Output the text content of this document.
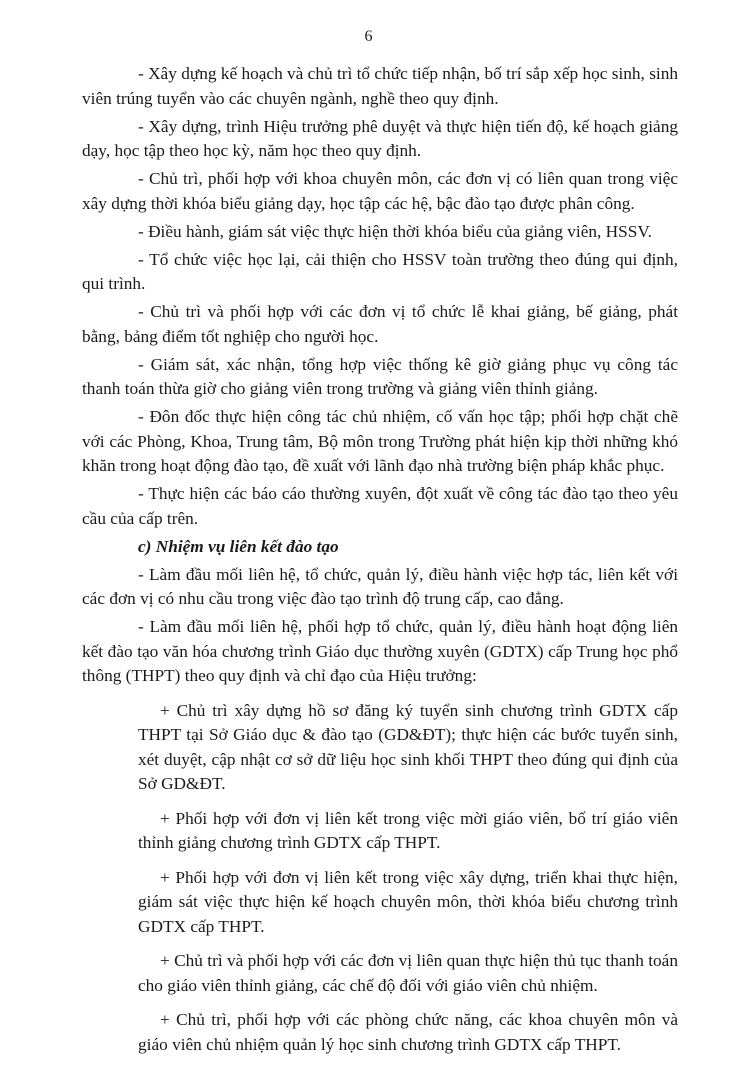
6

- Xây dựng kế hoạch và chủ trì tổ chức tiếp nhận, bố trí sắp xếp học sinh, sinh viên trúng tuyển vào các chuyên ngành, nghề theo quy định.

- Xây dựng, trình Hiệu trưởng phê duyệt và thực hiện tiến độ, kế hoạch giảng dạy, học tập theo học kỳ, năm học theo quy định.

- Chủ trì, phối hợp với khoa chuyên môn, các đơn vị có liên quan trong việc xây dựng thời khóa biểu giảng dạy, học tập các hệ, bậc đào tạo được phân công.

- Điều hành, giám sát việc thực hiện thời khóa biểu của giảng viên, HSSV.

- Tổ chức việc học lại, cải thiện cho HSSV toàn trường theo đúng qui định, qui trình.

- Chủ trì và phối hợp với các đơn vị tổ chức lễ khai giảng, bế giảng, phát bằng, bảng điểm tốt nghiệp cho người học.

- Giám sát, xác nhận, tổng hợp việc thống kê giờ giảng phục vụ công tác thanh toán thừa giờ cho giảng viên trong trường và giảng viên thỉnh giảng.

- Đôn đốc thực hiện công tác chủ nhiệm, cố vấn học tập; phối hợp chặt chẽ với các Phòng, Khoa, Trung tâm, Bộ môn trong Trường phát hiện kịp thời những khó khăn trong hoạt động đào tạo, đề xuất với lãnh đạo nhà trường biện pháp khắc phục.

- Thực hiện các báo cáo thường xuyên, đột xuất về công tác đào tạo theo yêu cầu của cấp trên.

c) Nhiệm vụ liên kết đào tạo

- Làm đầu mối liên hệ, tổ chức, quản lý, điều hành việc hợp tác, liên kết với các đơn vị có nhu cầu trong việc đào tạo trình độ trung cấp, cao đẳng.

- Làm đầu mối liên hệ, phối hợp tổ chức, quản lý, điều hành hoạt động liên kết đào tạo văn hóa chương trình Giáo dục thường xuyên (GDTX) cấp Trung học phổ thông (THPT) theo quy định và chỉ đạo của Hiệu trưởng:

+ Chủ trì xây dựng hồ sơ đăng ký tuyển sinh chương trình GDTX cấp THPT tại Sở Giáo dục & đào tạo (GD&ĐT); thực hiện các bước tuyển sinh, xét duyệt, cập nhật cơ sở dữ liệu học sinh khối THPT theo đúng qui định của Sở GD&ĐT.

+ Phối hợp với đơn vị liên kết trong việc mời giáo viên, bố trí giáo viên thỉnh giảng chương trình GDTX cấp THPT.

+ Phối hợp với đơn vị liên kết trong việc xây dựng, triển khai thực hiện, giám sát việc thực hiện kế hoạch chuyên môn, thời khóa biểu chương trình GDTX cấp THPT.

+ Chủ trì và phối hợp với các đơn vị liên quan thực hiện thủ tục thanh toán cho giáo viên thỉnh giảng, các chế độ đối với giáo viên chủ nhiệm.

+ Chủ trì, phối hợp với các phòng chức năng, các khoa chuyên môn và giáo viên chủ nhiệm quản lý học sinh chương trình GDTX cấp THPT.
